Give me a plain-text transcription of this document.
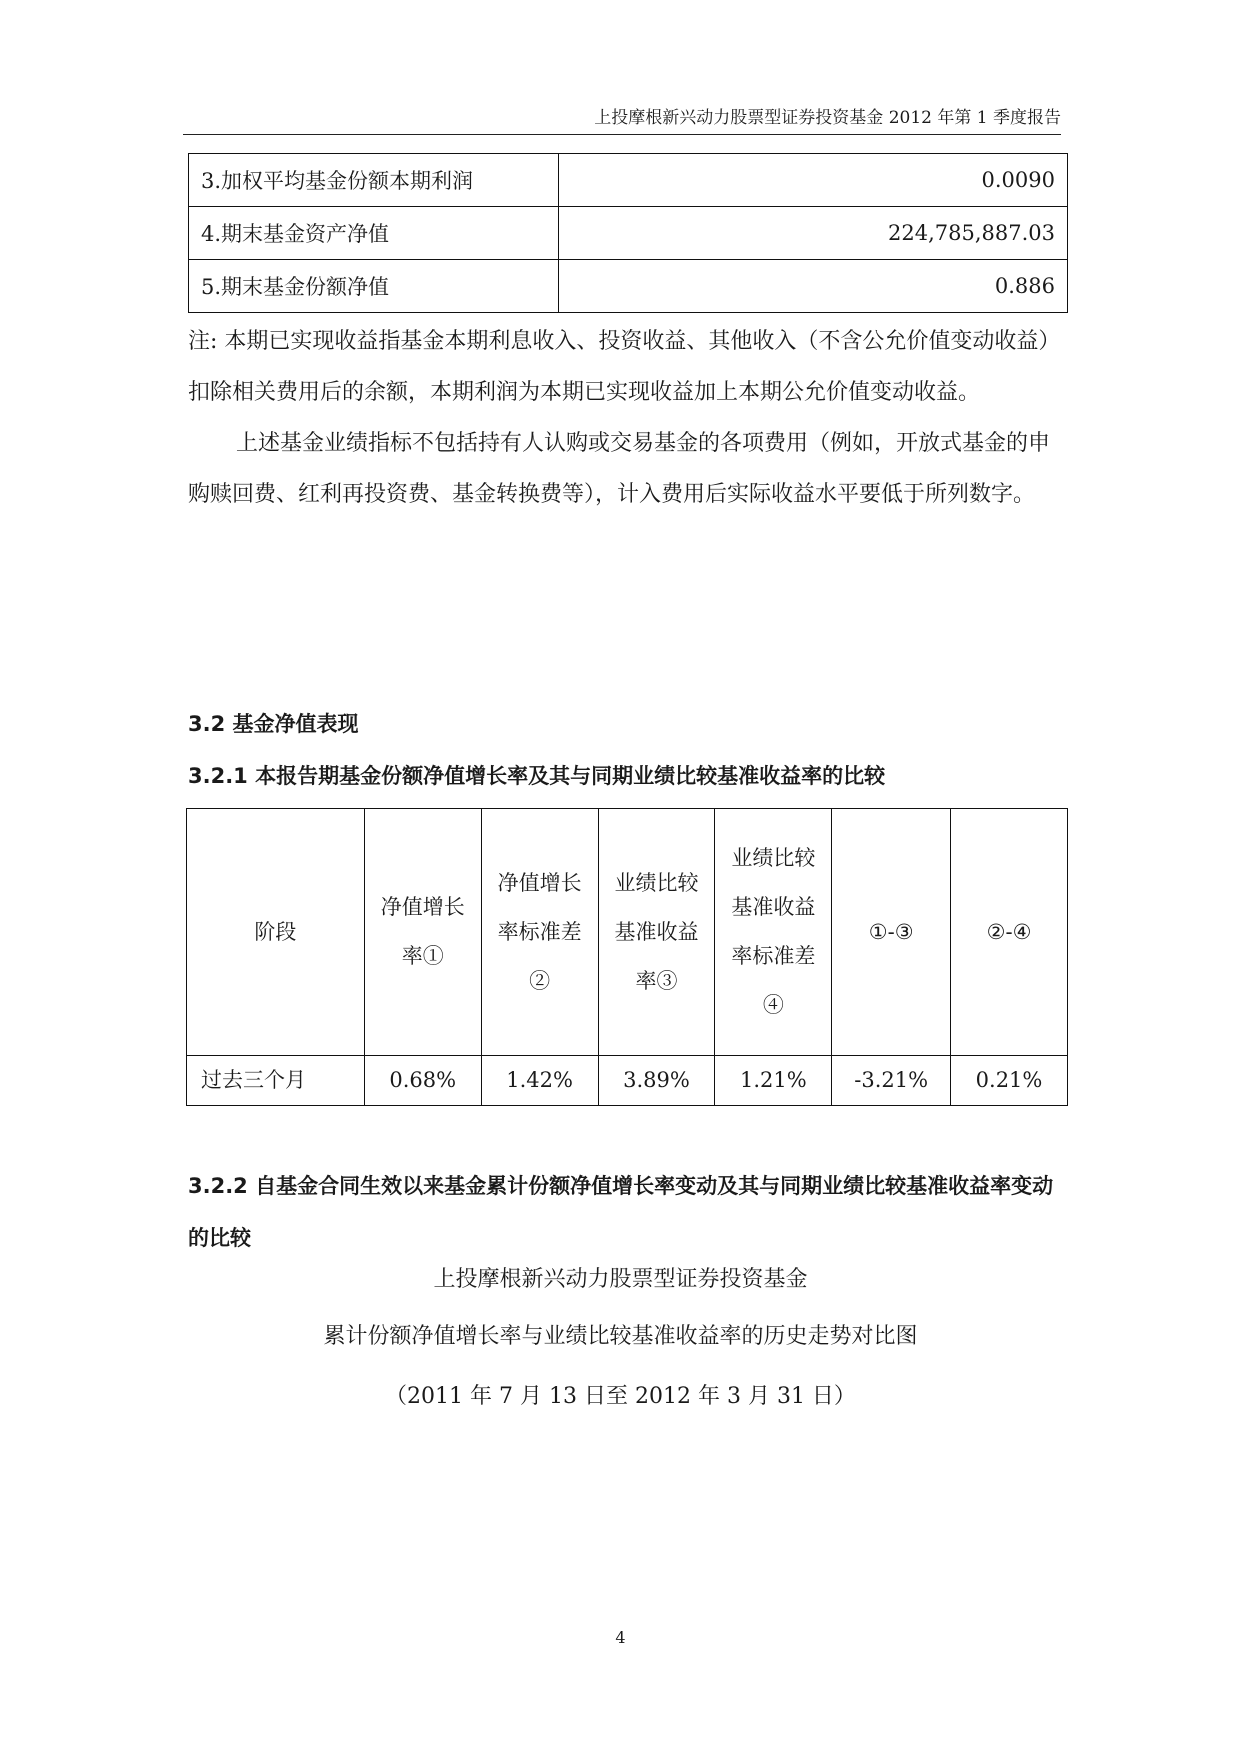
上投摩根新兴动力股票型证券投资基金 2012 年第 1 季度报告
3.加权平均基金份额本期利润	0.0090
4.期末基金资产净值	224,785,887.03
5.期末基金份额净值	0.886

注: 本期已实现收益指基金本期利息收入、投资收益、其他收入（不含公允价值变动收益）扣除相关费用后的余额，本期利润为本期已实现收益加上本期公允价值变动收益。

上述基金业绩指标不包括持有人认购或交易基金的各项费用（例如，开放式基金的申购赎回费、红利再投资费、基金转换费等），计入费用后实际收益水平要低于所列数字。

3.2 基金净值表现
3.2.1 本报告期基金份额净值增长率及其与同期业绩比较基准收益率的比较
阶段	净值增长率①	净值增长率标准差②	业绩比较基准收益率③	业绩比较基准收益率标准差④	①-③	②-④
过去三个月	0.68%	1.42%	3.89%	1.21%	-3.21%	0.21%
3.2.2 自基金合同生效以来基金累计份额净值增长率变动及其与同期业绩比较基准收益率变动的比较
上投摩根新兴动力股票型证券投资基金
累计份额净值增长率与业绩比较基准收益率的历史走势对比图
（2011 年 7 月 13 日至 2012 年 3 月 31 日）
4
